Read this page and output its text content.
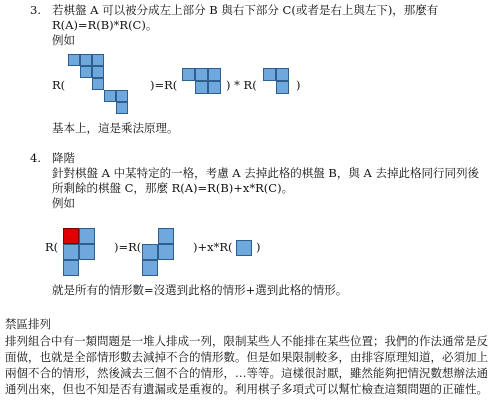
3. 若棋盤 A 可以被分成左上部分 B 與右下部分 C(或者是右上與左下)，那麼有
R(A)=R(B)*R(C)。
例如
R(	)=R(	) * R(	)
基本上，這是乘法原理。
4. 降階
針對棋盤 A 中某特定的一格，考慮 A 去掉此格的棋盤 B，與 A 去掉此格同行同列後
所剩餘的棋盤 C，那麼 R(A)=R(B)+x*R(C)。
例如
R(	)=R(	)+x*R( )
就是所有的情形數=沒選到此格的情形+選到此格的情形。
禁區排列
排列組合中有一類問題是一堆人排成一列，限制某些人不能排在某些位置；我們的作法通常是反面做，也就是全部情形數去減掉不合的情形數。但是如果限制較多，由排容原理知道，必須加上兩個不合的情形，然後減去三個不合的情形，…等等。這樣很討厭，雖然能夠把情況數想辦法通通列出來，但也不知是否有遺漏或是重複的。利用棋子多項式可以幫忙檢查這類問題的正確性。
